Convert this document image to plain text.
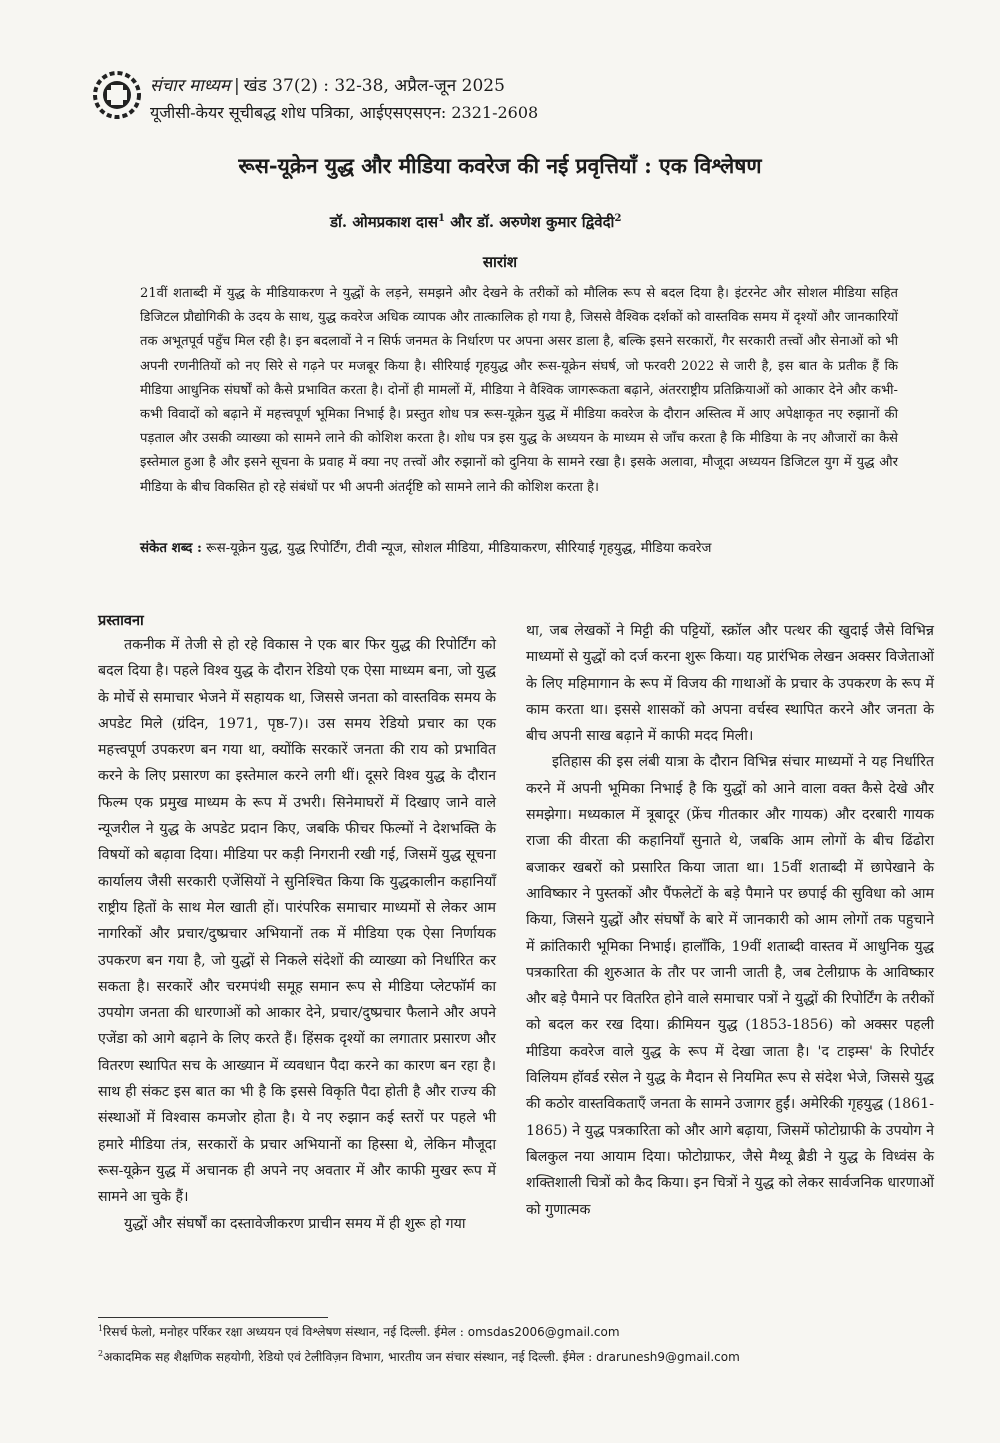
संचार माध्यम | खंड 37(2) : 32-38, अप्रैल-जून 2025
यूजीसी-केयर सूचीबद्ध शोध पत्रिका, आईएसएसएन: 2321-2608
रूस-यूक्रेन युद्ध और मीडिया कवरेज की नई प्रवृत्तियाँ : एक विश्लेषण
डॉ. ओमप्रकाश दास$^1$ और डॉ. अरुणेश कुमार द्विवेदी$^2$
सारांश
21वीं शताब्दी में युद्ध के मीडियाकरण ने युद्धों के लड़ने, समझने और देखने के तरीकों को मौलिक रूप से बदल दिया है। इंटरनेट और सोशल मीडिया सहित डिजिटल प्रौद्योगिकी के उदय के साथ, युद्ध कवरेज अधिक व्यापक और तात्कालिक हो गया है, जिससे वैश्विक दर्शकों को वास्तविक समय में दृश्यों और जानकारियों तक अभूतपूर्व पहुँच मिल रही है। इन बदलावों ने न सिर्फ जनमत के निर्धारण पर अपना असर डाला है, बल्कि इसने सरकारों, गैर सरकारी तत्त्वों और सेनाओं को भी अपनी रणनीतियों को नए सिरे से गढ़ने पर मजबूर किया है। सीरियाई गृहयुद्ध और रूस-यूक्रेन संघर्ष, जो फरवरी 2022 से जारी है, इस बात के प्रतीक हैं कि मीडिया आधुनिक संघर्षों को कैसे प्रभावित करता है। दोनों ही मामलों में, मीडिया ने वैश्विक जागरूकता बढ़ाने, अंतरराष्ट्रीय प्रतिक्रियाओं को आकार देने और कभी-कभी विवादों को बढ़ाने में महत्त्वपूर्ण भूमिका निभाई है। प्रस्तुत शोध पत्र रूस-यूक्रेन युद्ध में मीडिया कवरेज के दौरान अस्तित्व में आए अपेक्षाकृत नए रुझानों की पड़ताल और उसकी व्याख्या को सामने लाने की कोशिश करता है। शोध पत्र इस युद्ध के अध्ययन के माध्यम से जाँच करता है कि मीडिया के नए औजारों का कैसे इस्तेमाल हुआ है और इसने सूचना के प्रवाह में क्या नए तत्त्वों और रुझानों को दुनिया के सामने रखा है। इसके अलावा, मौजूदा अध्ययन डिजिटल युग में युद्ध और मीडिया के बीच विकसित हो रहे संबंधों पर भी अपनी अंतर्दृष्टि को सामने लाने की कोशिश करता है।
संकेत शब्द : रूस-यूक्रेन युद्ध, युद्ध रिपोर्टिंग, टीवी न्यूज, सोशल मीडिया, मीडियाकरण, सीरियाई गृहयुद्ध, मीडिया कवरेज
प्रस्तावना

तकनीक में तेजी से हो रहे विकास ने एक बार फिर युद्ध की रिपोर्टिंग को बदल दिया है। पहले विश्व युद्ध के दौरान रेडियो एक ऐसा माध्यम बना, जो युद्ध के मोर्चे से समाचार भेजने में सहायक था, जिससे जनता को वास्तविक समय के अपडेट मिले (ग्रंदिन, 1971, पृष्ठ-7)। उस समय रेडियो प्रचार का एक महत्त्वपूर्ण उपकरण बन गया था, क्योंकि सरकारें जनता की राय को प्रभावित करने के लिए प्रसारण का इस्तेमाल करने लगी थीं। दूसरे विश्व युद्ध के दौरान फिल्म एक प्रमुख माध्यम के रूप में उभरी। सिनेमाघरों में दिखाए जाने वाले न्यूजरील ने युद्ध के अपडेट प्रदान किए, जबकि फीचर फिल्मों ने देशभक्ति के विषयों को बढ़ावा दिया। मीडिया पर कड़ी निगरानी रखी गई, जिसमें युद्ध सूचना कार्यालय जैसी सरकारी एजेंसियों ने सुनिश्चित किया कि युद्धकालीन कहानियाँ राष्ट्रीय हितों के साथ मेल खाती हों। पारंपरिक समाचार माध्यमों से लेकर आम नागरिकों और प्रचार/दुष्प्रचार अभियानों तक में मीडिया एक ऐसा निर्णायक उपकरण बन गया है, जो युद्धों से निकले संदेशों की व्याख्या को निर्धारित कर सकता है। सरकारें और चरमपंथी समूह समान रूप से मीडिया प्लेटफॉर्म का उपयोग जनता की धारणाओं को आकार देने, प्रचार/दुष्प्रचार फैलाने और अपने एजेंडा को आगे बढ़ाने के लिए करते हैं। हिंसक दृश्यों का लगातार प्रसारण और वितरण स्थापित सच के आख्यान में व्यवधान पैदा करने का कारण बन रहा है। साथ ही संकट इस बात का भी है कि इससे विकृति पैदा होती है और राज्य की संस्थाओं में विश्वास कमजोर होता है। ये नए रुझान कई स्तरों पर पहले भी हमारे मीडिया तंत्र, सरकारों के प्रचार अभियानों का हिस्सा थे, लेकिन मौजूदा रूस-यूक्रेन युद्ध में अचानक ही अपने नए अवतार में और काफी मुखर रूप में सामने आ चुके हैं।

युद्धों और संघर्षों का दस्तावेजीकरण प्राचीन समय में ही शुरू हो गया

था, जब लेखकों ने मिट्टी की पट्टियों, स्क्रॉल और पत्थर की खुदाई जैसे विभिन्न माध्यमों से युद्धों को दर्ज करना शुरू किया। यह प्रारंभिक लेखन अक्सर विजेताओं के लिए महिमागान के रूप में विजय की गाथाओं के प्रचार के उपकरण के रूप में काम करता था। इससे शासकों को अपना वर्चस्व स्थापित करने और जनता के बीच अपनी साख बढ़ाने में काफी मदद मिली।

इतिहास की इस लंबी यात्रा के दौरान विभिन्न संचार माध्यमों ने यह निर्धारित करने में अपनी भूमिका निभाई है कि युद्धों को आने वाला वक्त कैसे देखे और समझेगा। मध्यकाल में त्रूबादूर (फ्रेंच गीतकार और गायक) और दरबारी गायक राजा की वीरता की कहानियाँ सुनाते थे, जबकि आम लोगों के बीच ढिंढोरा बजाकर खबरों को प्रसारित किया जाता था। 15वीं शताब्दी में छापेखाने के आविष्कार ने पुस्तकों और पैंफलेटों के बड़े पैमाने पर छपाई की सुविधा को आम किया, जिसने युद्धों और संघर्षों के बारे में जानकारी को आम लोगों तक पहुचाने में क्रांतिकारी भूमिका निभाई। हालाँकि, 19वीं शताब्दी वास्तव में आधुनिक युद्ध पत्रकारिता की शुरुआत के तौर पर जानी जाती है, जब टेलीग्राफ के आविष्कार और बड़े पैमाने पर वितरित होने वाले समाचार पत्रों ने युद्धों की रिपोर्टिंग के तरीकों को बदल कर रख दिया। क्रीमियन युद्ध (1853-1856) को अक्सर पहली मीडिया कवरेज वाले युद्ध के रूप में देखा जाता है। 'द टाइम्स' के रिपोर्टर विलियम हॉवर्ड रसेल ने युद्ध के मैदान से नियमित रूप से संदेश भेजे, जिससे युद्ध की कठोर वास्तविकताएँ जनता के सामने उजागर हुईं। अमेरिकी गृहयुद्ध (1861-1865) ने युद्ध पत्रकारिता को और आगे बढ़ाया, जिसमें फोटोग्राफी के उपयोग ने बिलकुल नया आयाम दिया। फोटोग्राफर, जैसे मैथ्यू ब्रैडी ने युद्ध के विध्वंस के शक्तिशाली चित्रों को कैद किया। इन चित्रों ने युद्ध को लेकर सार्वजनिक धारणाओं को गुणात्मक

$^1$रिसर्च फेलो, मनोहर पर्रिकर रक्षा अध्ययन एवं विश्लेषण संस्थान, नई दिल्ली. ईमेल : omsdas2006@gmail.com
$^2$अकादमिक सह शैक्षणिक सहयोगी, रेडियो एवं टेलीविज़न विभाग, भारतीय जन संचार संस्थान, नई दिल्ली. ईमेल : drarunesh9@gmail.com
